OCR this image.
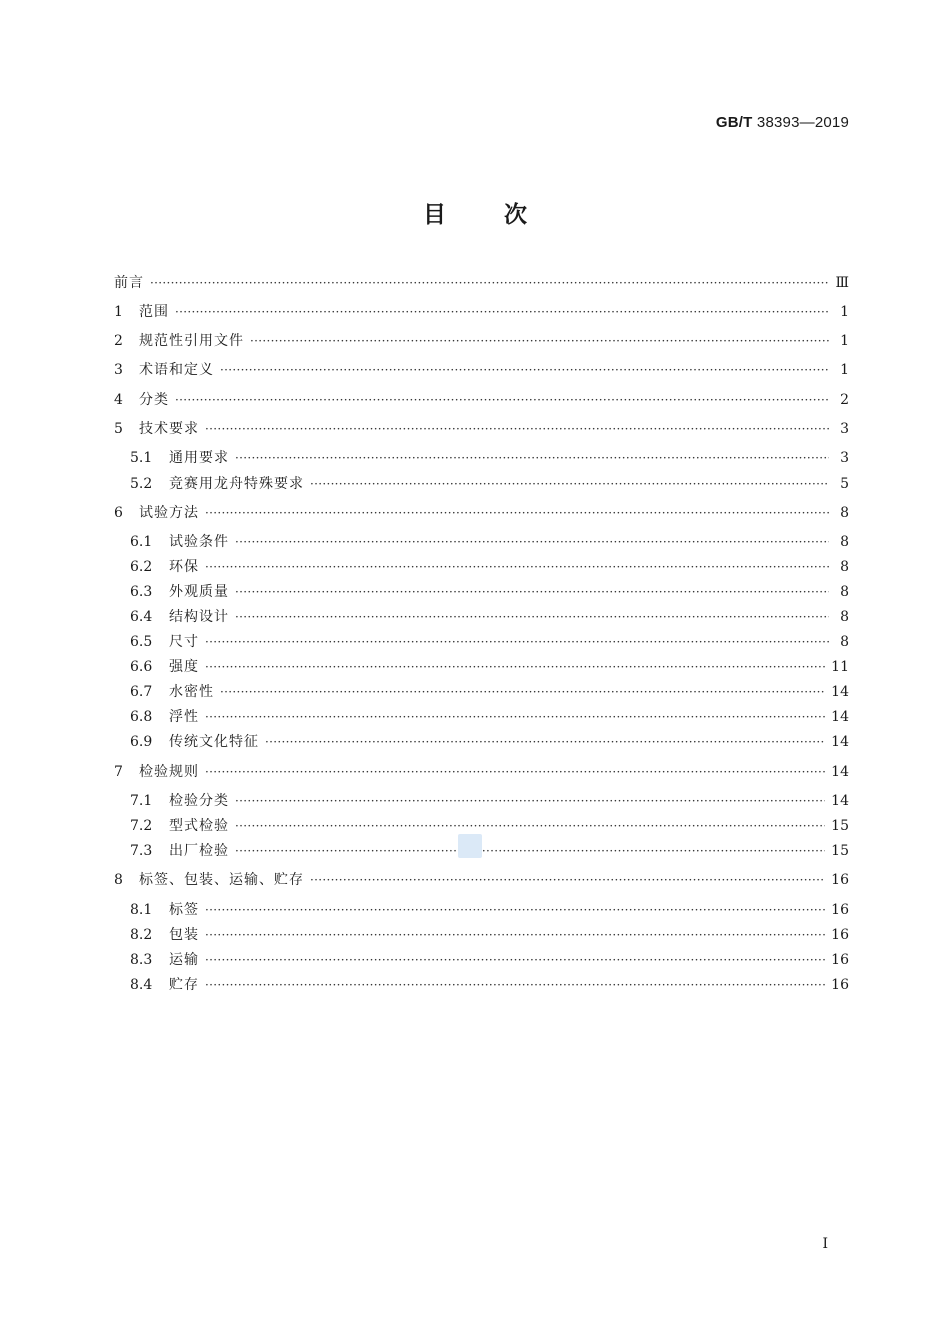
GB/T 38393—2019
目次
前言 ·····	Ⅲ
1	范围 ·····	1
2	规范性引用文件 ·····	1
3	术语和定义 ·····	1
4	分类 ·····	2
5	技术要求 ·····	3
5.1	通用要求 ·····	3
5.2	竞赛用龙舟特殊要求 ·····	5
6	试验方法 ·····	8
6.1	试验条件 ·····	8
6.2	环保 ·····	8
6.3	外观质量 ·····	8
6.4	结构设计 ·····	8
6.5	尺寸 ·····	8
6.6	强度 ·····	11
6.7	水密性 ·····	14
6.8	浮性 ·····	14
6.9	传统文化特征 ·····	14
7	检验规则 ·····	14
7.1	检验分类 ·····	14
7.2	型式检验 ·····	15
7.3	出厂检验 ·····	15
8	标签、包装、运输、贮存 ·····	16
8.1	标签 ·····	16
8.2	包装 ·····	16
8.3	运输 ·····	16
8.4	贮存 ·····	16
I
